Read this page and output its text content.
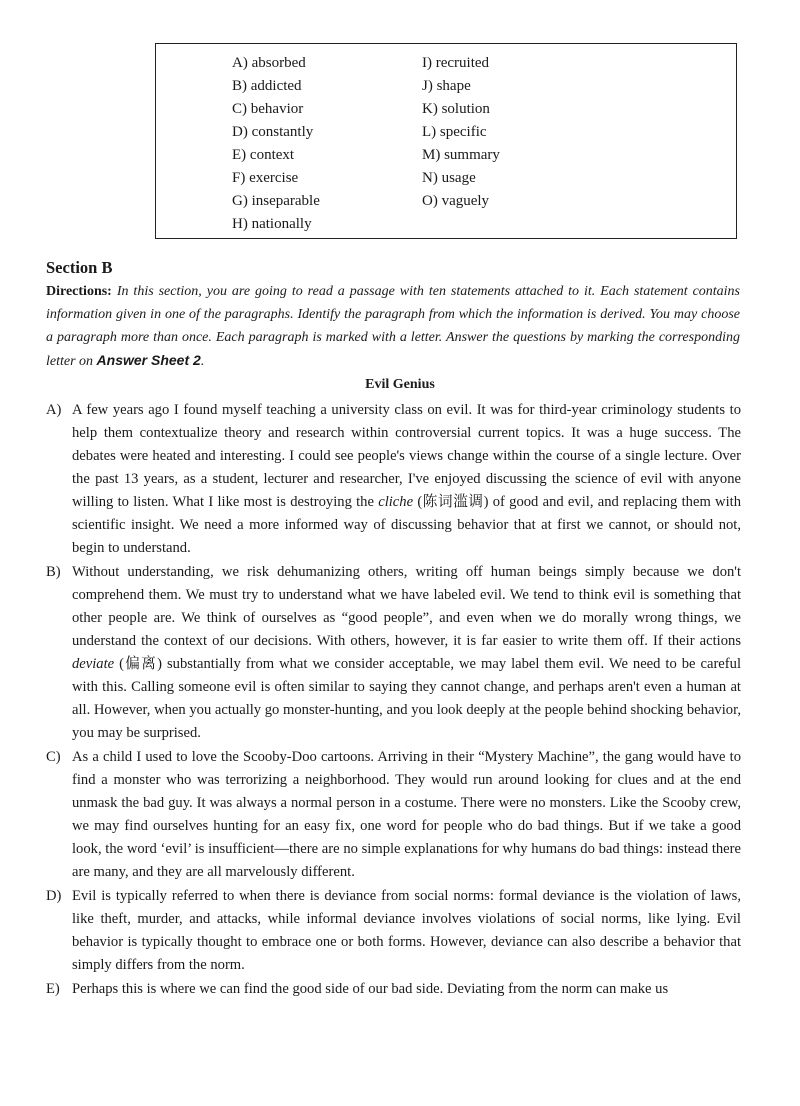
A) absorbed
B) addicted
C) behavior
D) constantly
E) context
F) exercise
G) inseparable
H) nationally
I) recruited
J) shape
K) solution
L) specific
M) summary
N) usage
O) vaguely
Section B
Directions: In this section, you are going to read a passage with ten statements attached to it. Each statement contains information given in one of the paragraphs. Identify the paragraph from which the information is derived. You may choose a paragraph more than once. Each paragraph is marked with a letter. Answer the questions by marking the corresponding letter on Answer Sheet 2.
Evil Genius
A) A few years ago I found myself teaching a university class on evil. It was for third-year criminology students to help them contextualize theory and research within controversial current topics. It was a huge success. The debates were heated and interesting. I could see people's views change within the course of a single lecture. Over the past 13 years, as a student, lecturer and researcher, I've enjoyed discussing the science of evil with anyone willing to listen. What I like most is destroying the cliche (陈词滥调) of good and evil, and replacing them with scientific insight. We need a more informed way of discussing behavior that at first we cannot, or should not, begin to understand.
B) Without understanding, we risk dehumanizing others, writing off human beings simply because we don't comprehend them. We must try to understand what we have labeled evil. We tend to think evil is something that other people are. We think of ourselves as “good people”, and even when we do morally wrong things, we understand the context of our decisions. With others, however, it is far easier to write them off. If their actions deviate (偏离) substantially from what we consider acceptable, we may label them evil. We need to be careful with this. Calling someone evil is often similar to saying they cannot change, and perhaps aren't even a human at all. However, when you actually go monster-hunting, and you look deeply at the people behind shocking behavior, you may be surprised.
C) As a child I used to love the Scooby-Doo cartoons. Arriving in their “Mystery Machine”, the gang would have to find a monster who was terrorizing a neighborhood. They would run around looking for clues and at the end unmask the bad guy. It was always a normal person in a costume. There were no monsters. Like the Scooby crew, we may find ourselves hunting for an easy fix, one word for people who do bad things. But if we take a good look, the word ‘evil’ is insufficient—there are no simple explanations for why humans do bad things: instead there are many, and they are all marvelously different.
D) Evil is typically referred to when there is deviance from social norms: formal deviance is the violation of laws, like theft, murder, and attacks, while informal deviance involves violations of social norms, like lying. Evil behavior is typically thought to embrace one or both forms. However, deviance can also describe a behavior that simply differs from the norm.
E) Perhaps this is where we can find the good side of our bad side. Deviating from the norm can make us
